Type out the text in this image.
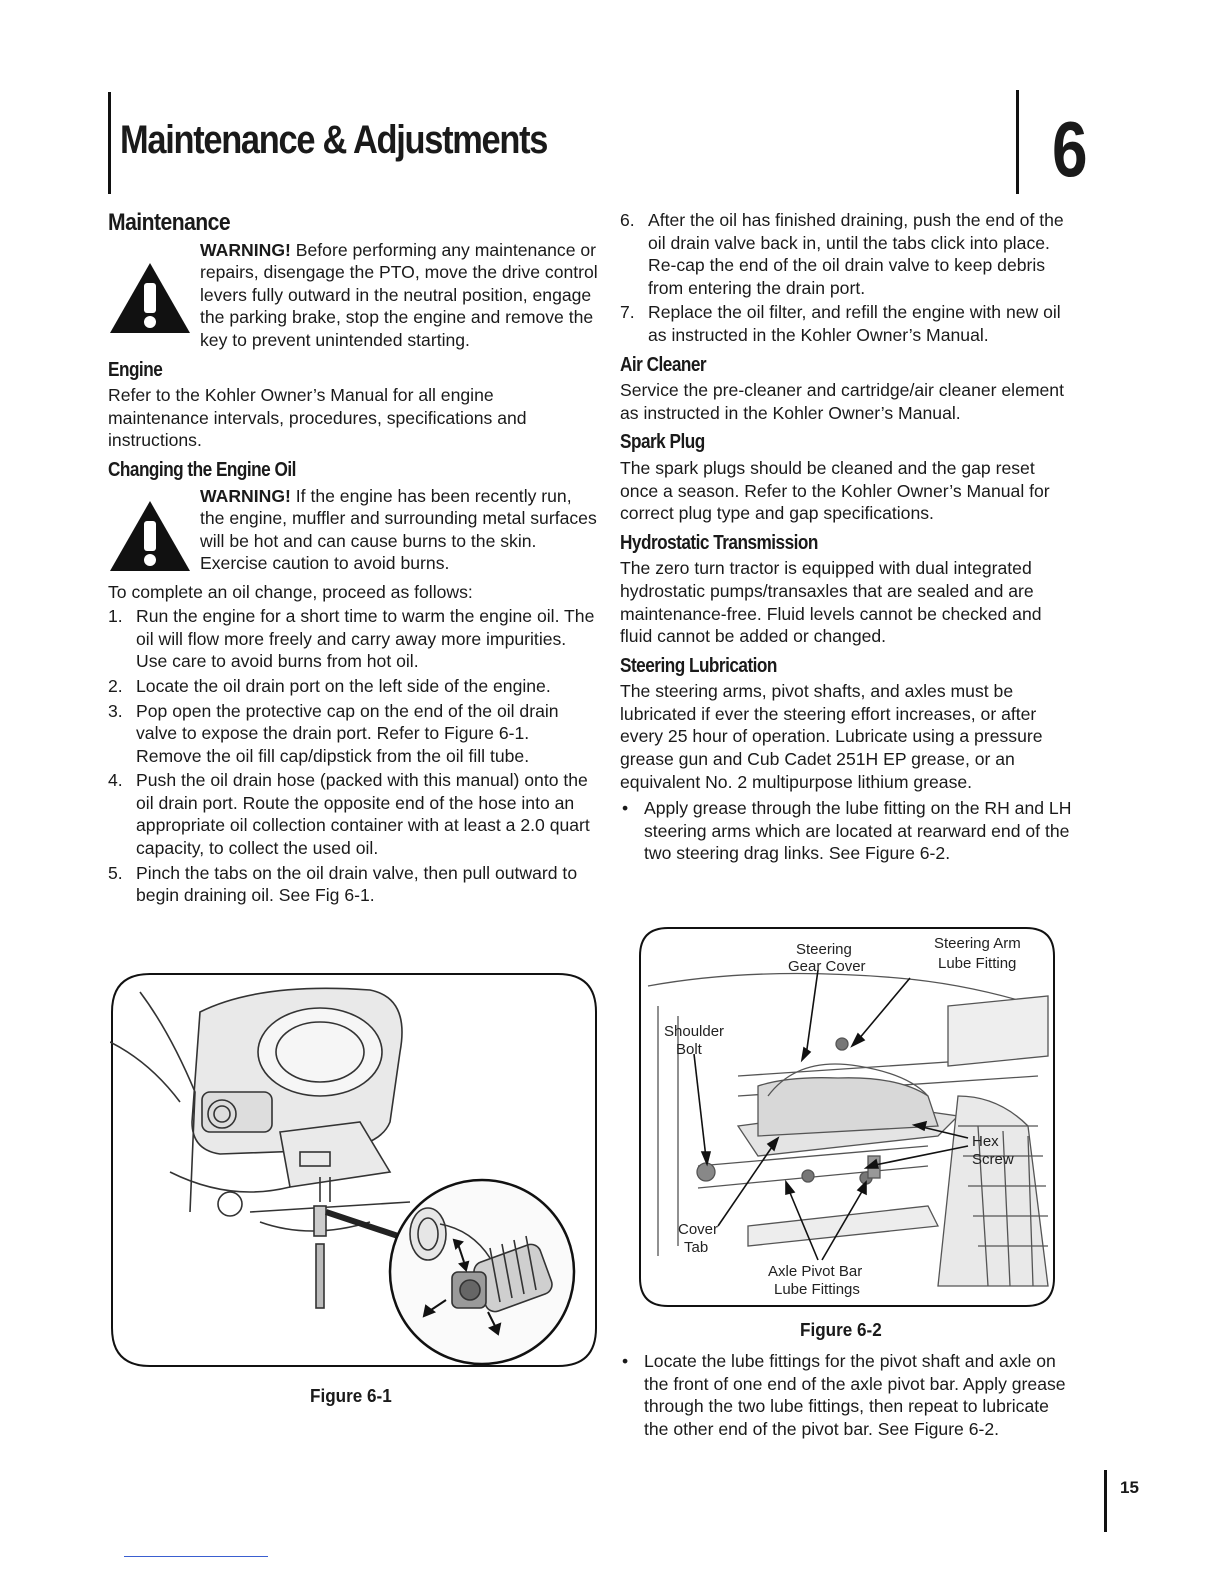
Maintenance & Adjustments	6
Maintenance

WARNING! Before performing any maintenance or repairs, disengage the PTO, move the drive control levers fully outward in the neutral position, engage the parking brake, stop the engine and remove the key to prevent unintended starting.

Engine

Refer to the Kohler Owner’s Manual for all engine maintenance intervals, procedures, specifications and instructions.

Changing the Engine Oil

WARNING! If the engine has been recently run, the engine, muffler and surrounding metal surfaces will be hot and can cause burns to the skin. Exercise caution to avoid burns.

To complete an oil change, proceed as follows:

1. Run the engine for a short time to warm the engine oil. The oil will flow more freely and carry away more impurities. Use care to avoid burns from hot oil.
2. Locate the oil drain port on the left side of the engine.
3. Pop open the protective cap on the end of the oil drain valve to expose the drain port. Refer to Figure 6-1. Remove the oil fill cap/dipstick from the oil fill tube.
4. Push the oil drain hose (packed with this manual) onto the oil drain port. Route the opposite end of the hose into an appropriate oil collection container with at least a 2.0 quart capacity, to collect the used oil.
5. Pinch the tabs on the oil drain valve, then pull outward to begin draining oil. See Fig 6-1.
Figure 6-1
6. After the oil has finished draining, push the end of the oil drain valve back in, until the tabs click into place. Re-cap the end of the oil drain valve to keep debris from entering the drain port.
7. Replace the oil filter, and refill the engine with new oil as instructed in the Kohler Owner’s Manual.
Air Cleaner

Service the pre-cleaner and cartridge/air cleaner element as instructed in the Kohler Owner’s Manual.

Spark Plug

The spark plugs should be cleaned and the gap reset once a season. Refer to the Kohler Owner’s Manual for correct plug type and gap specifications.

Hydrostatic Transmission

The zero turn tractor is equipped with dual integrated hydrostatic pumps/transaxles that are sealed and are maintenance-free. Fluid levels cannot be checked and fluid cannot be added or changed.

Steering Lubrication

The steering arms, pivot shafts, and axles must be lubricated if ever the steering effort increases, or after every 25 hour of operation. Lubricate using a pressure grease gun and Cub Cadet 251H EP grease, or an equivalent No. 2 multipurpose lithium grease.

• Apply grease through the lube fitting on the RH and LH steering arms which are located at rearward end of the two steering drag links. See Figure 6-2.
Steering
Gear Cover
Steering Arm
Lube Fitting
Shoulder
Bolt
Hex
Screw
Cover
Tab
Axle Pivot Bar
Lube Fittings
Figure 6-2
• Locate the lube fittings for the pivot shaft and axle on the front of one end of the axle pivot bar. Apply grease through the two lube fittings, then repeat to lubricate the other end of the pivot bar. See Figure 6-2.
15
